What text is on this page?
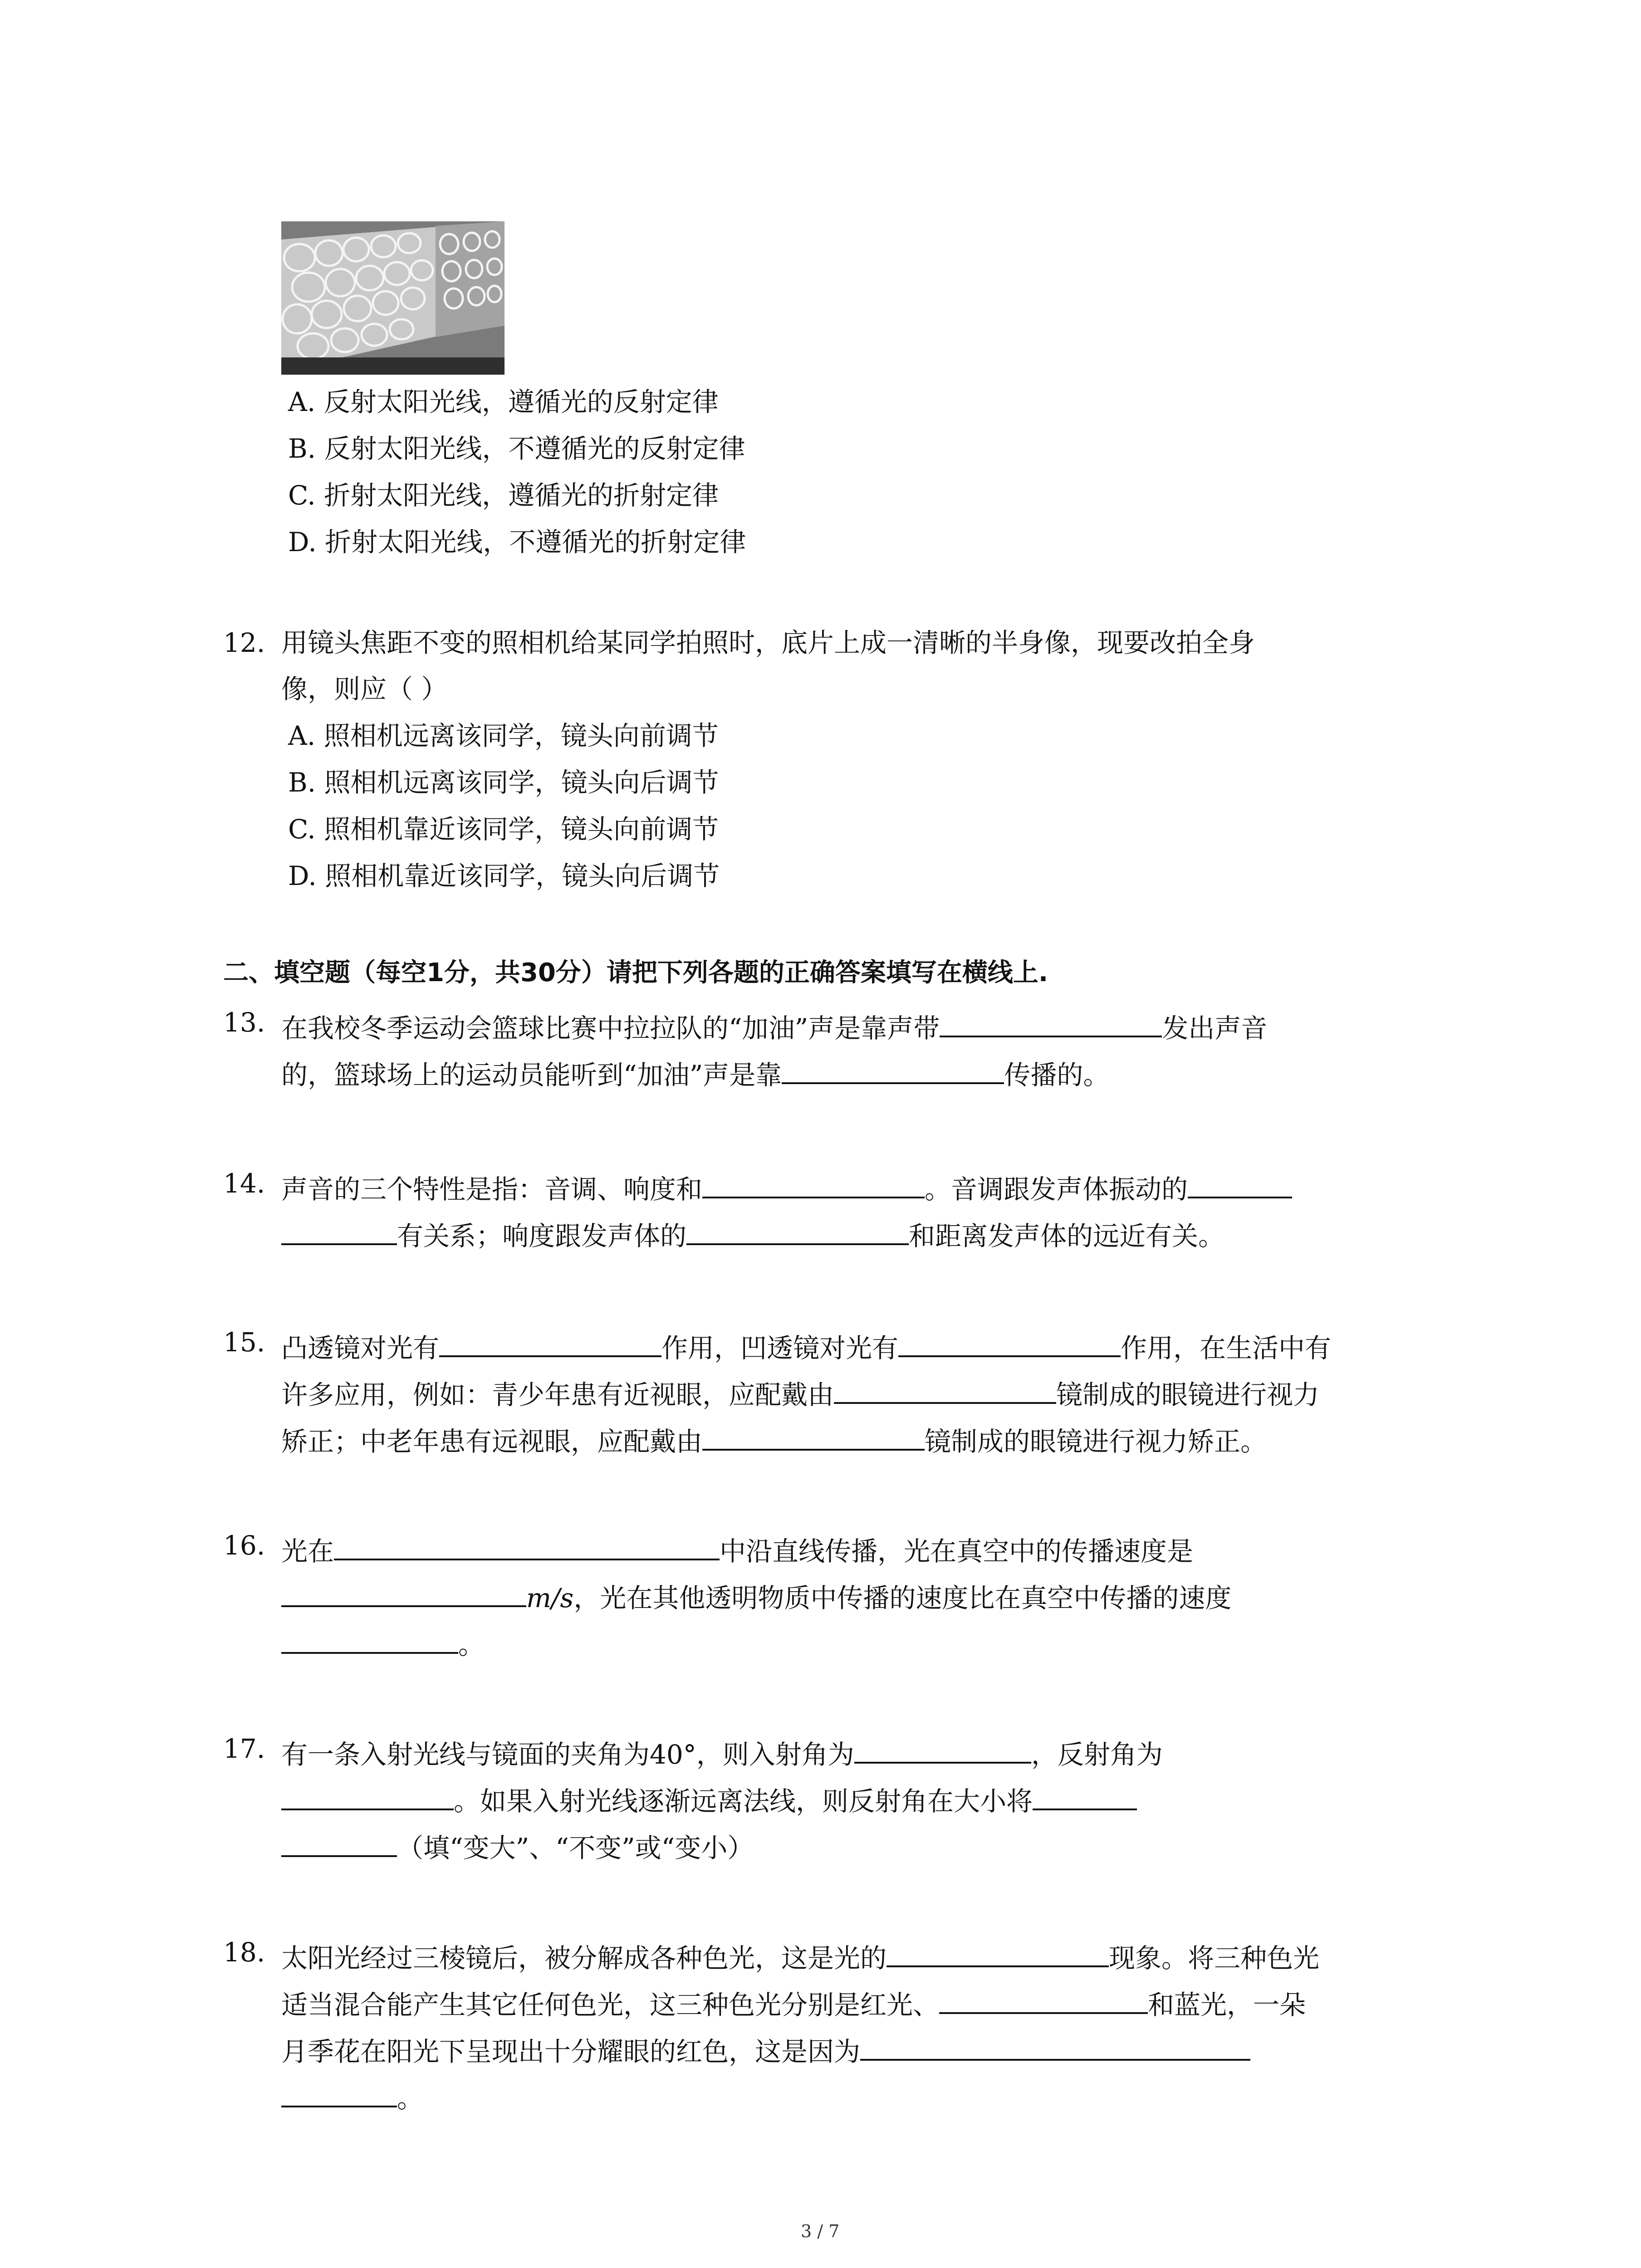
A. 反射太阳光线，遵循光的反射定律
B. 反射太阳光线，不遵循光的反射定律
C. 折射太阳光线，遵循光的折射定律
D. 折射太阳光线，不遵循光的折射定律
12. 用镜头焦距不变的照相机给某同学拍照时，底片上成一清晰的半身像，现要改拍全身
像，则应（ ）
A. 照相机远离该同学，镜头向前调节
B. 照相机远离该同学，镜头向后调节
C. 照相机靠近该同学，镜头向前调节
D. 照相机靠近该同学，镜头向后调节
二、填空题（每空1分，共30分）请把下列各题的正确答案填写在横线上.
13. 在我校冬季运动会篮球比赛中拉拉队的“加油”声是靠声带	发出声音
的，篮球场上的运动员能听到“加油”声是靠	传播的。
14. 声音的三个特性是指：音调、响度和	。音调跟发声体振动的
有关系；响度跟发声体的	和距离发声体的远近有关。
15. 凸透镜对光有	作用，凹透镜对光有	作用，在生活中有
许多应用，例如：青少年患有近视眼，应配戴由	镜制成的眼镜进行视力
矫正；中老年患有远视眼，应配戴由	镜制成的眼镜进行视力矫正。
16. 光在	中沿直线传播，光在真空中的传播速度是
m/s，光在其他透明物质中传播的速度比在真空中传播的速度
。
17. 有一条入射光线与镜面的夹角为40°，则入射角为	，反射角为
。如果入射光线逐渐远离法线，则反射角在大小将
（填“变大”、“不变”或“变小）
18. 太阳光经过三棱镜后，被分解成各种色光，这是光的	现象。将三种色光
适当混合能产生其它任何色光，这三种色光分别是红光、	和蓝光，一朵
月季花在阳光下呈现出十分耀眼的红色，这是因为
。
3 / 7
